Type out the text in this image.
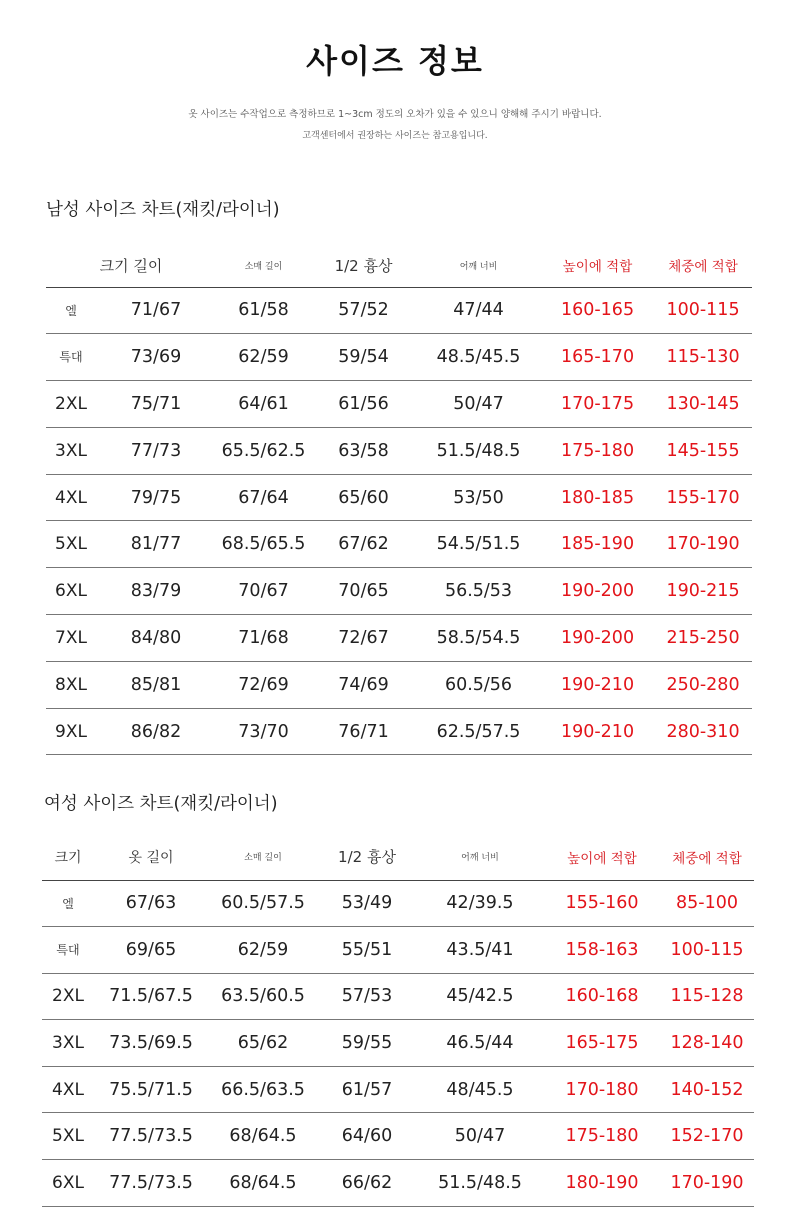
사이즈 정보
옷 사이즈는 수작업으로 측정하므로 1~3cm 정도의 오차가 있을 수 있으니 양해해 주시기 바랍니다.
고객센터에서 권장하는 사이즈는 참고용입니다.
남성 사이즈 차트(재킷/라이너)
크기 길이		소매 길이	1/2 흉상	어깨 너비	높이에 적합	체중에 적합
엘	71/67	61/58	57/52	47/44	160-165	100-115
특대	73/69	62/59	59/54	48.5/45.5	165-170	115-130
2XL	75/71	64/61	61/56	50/47	170-175	130-145
3XL	77/73	65.5/62.5	63/58	51.5/48.5	175-180	145-155
4XL	79/75	67/64	65/60	53/50	180-185	155-170
5XL	81/77	68.5/65.5	67/62	54.5/51.5	185-190	170-190
6XL	83/79	70/67	70/65	56.5/53	190-200	190-215
7XL	84/80	71/68	72/67	58.5/54.5	190-200	215-250
8XL	85/81	72/69	74/69	60.5/56	190-210	250-280
9XL	86/82	73/70	76/71	62.5/57.5	190-210	280-310
여성 사이즈 차트(재킷/라이너)
크기	옷 길이	소매 길이	1/2 흉상	어깨 너비	높이에 적합	체중에 적합
엘	67/63	60.5/57.5	53/49	42/39.5	155-160	85-100
특대	69/65	62/59	55/51	43.5/41	158-163	100-115
2XL	71.5/67.5	63.5/60.5	57/53	45/42.5	160-168	115-128
3XL	73.5/69.5	65/62	59/55	46.5/44	165-175	128-140
4XL	75.5/71.5	66.5/63.5	61/57	48/45.5	170-180	140-152
5XL	77.5/73.5	68/64.5	64/60	50/47	175-180	152-170
6XL	77.5/73.5	68/64.5	66/62	51.5/48.5	180-190	170-190
